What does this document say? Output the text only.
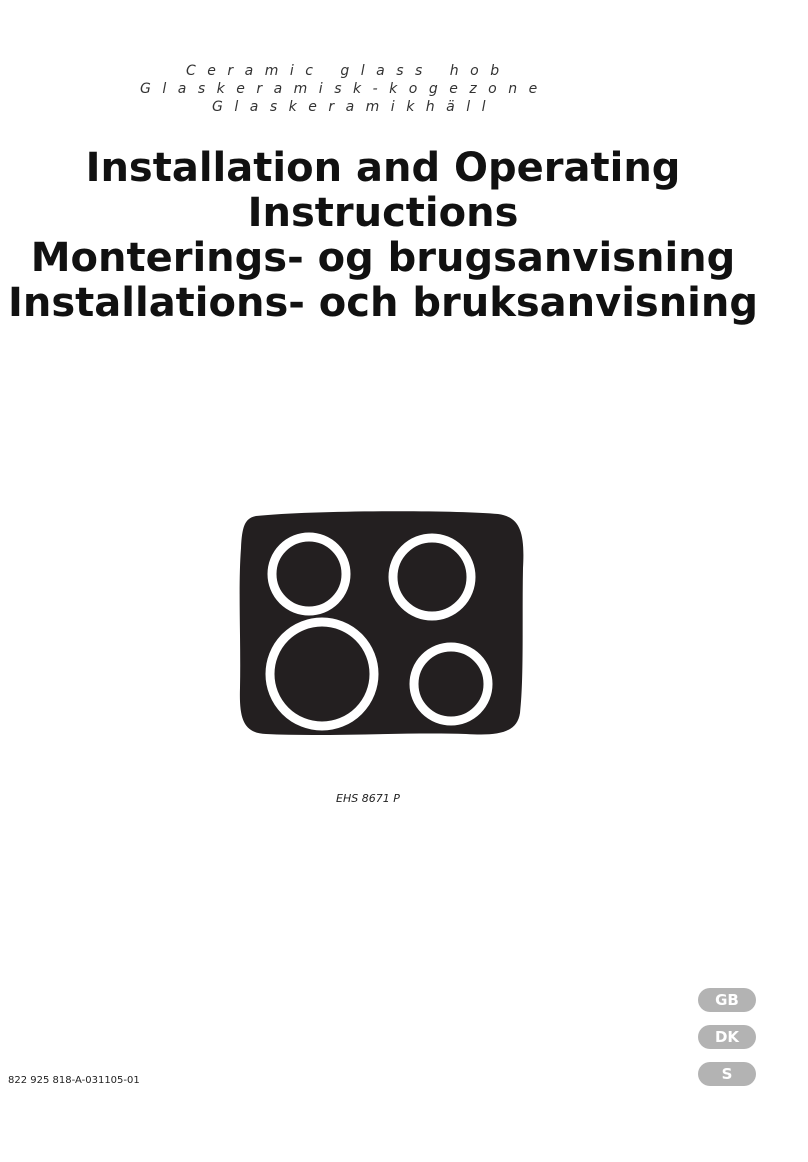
Ceramic glass hob
Glaskeramisk-kogezone
Glaskeramikhäll
Installation and Operating
Instructions
Monterings- og brugsanvisning
Installations- och bruksanvisning
EHS 8671 P
822 925 818-A-031105-01
GB
DK
S
